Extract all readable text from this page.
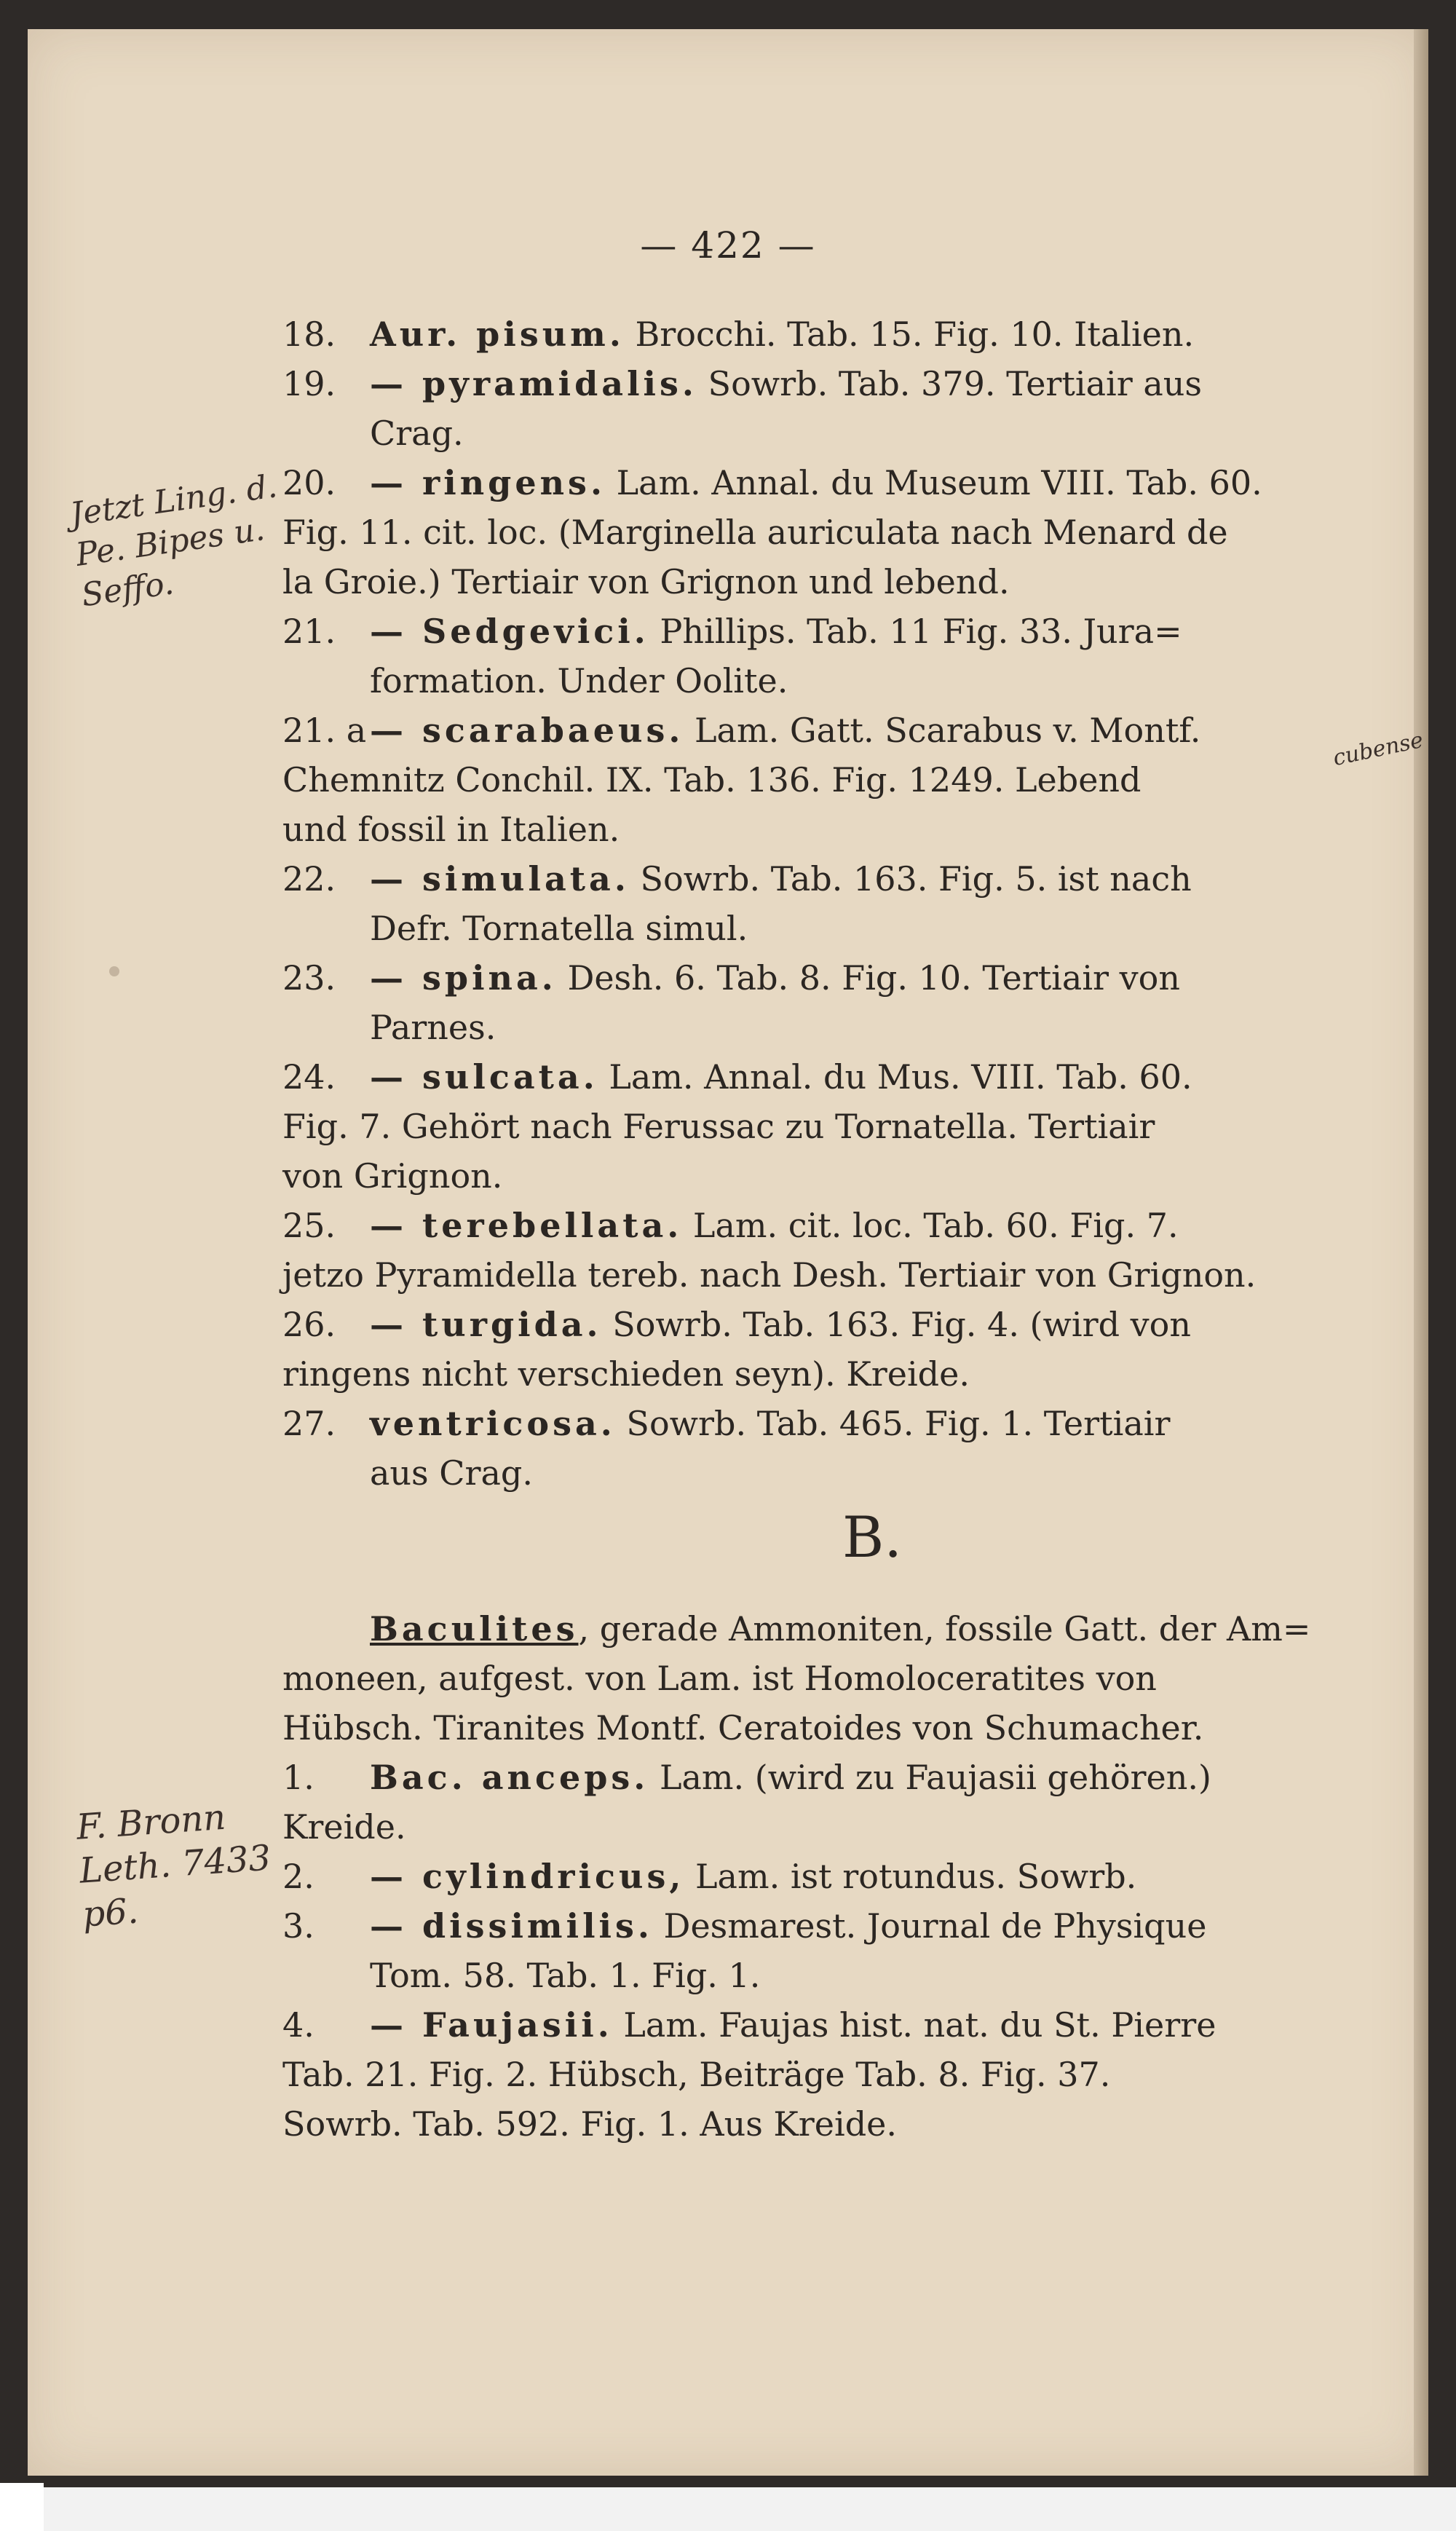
— 422 —

18. Aur. pisum. Brocchi. Tab. 15. Fig. 10. Italien.

19. — pyramidalis. Sowrb. Tab. 379. Tertiair aus

Crag.

20. — ringens. Lam. Annal. du Museum VIII. Tab. 60.

Fig. 11. cit. loc. (Marginella auriculata nach Menard de

la Groie.) Tertiair von Grignon und lebend.

21. — Sedgevici. Phillips. Tab. 11 Fig. 33. Jura=

formation. Under Oolite.

21. a — scarabaeus. Lam. Gatt. Scarabus v. Montf.

Chemnitz Conchil. IX. Tab. 136. Fig. 1249. Lebend

und fossil in Italien.

22. — simulata. Sowrb. Tab. 163. Fig. 5. ist nach

Defr. Tornatella simul.

23. — spina. Desh. 6. Tab. 8. Fig. 10. Tertiair von

Parnes.

24. — sulcata. Lam. Annal. du Mus. VIII. Tab. 60.

Fig. 7. Gehört nach Ferussac zu Tornatella. Tertiair

von Grignon.

25. — terebellata. Lam. cit. loc. Tab. 60. Fig. 7.

jetzo Pyramidella tereb. nach Desh. Tertiair von Grignon.

26. — turgida. Sowrb. Tab. 163. Fig. 4. (wird von

ringens nicht verschieden seyn). Kreide.

27. ventricosa. Sowrb. Tab. 465. Fig. 1. Tertiair

aus Crag.

B.

Baculites, gerade Ammoniten, fossile Gatt. der Am=

moneen, aufgest. von Lam. ist Homoloceratites von

Hübsch. Tiranites Montf. Ceratoides von Schumacher.

1. Bac. anceps. Lam. (wird zu Faujasii gehören.) Kreide.

2. — cylindricus, Lam. ist rotundus. Sowrb.

3. — dissimilis. Desmarest. Journal de Physique

Tom. 58. Tab. 1. Fig. 1.

4. — Faujasii. Lam. Faujas hist. nat. du St. Pierre

Tab. 21. Fig. 2. Hübsch, Beiträge Tab. 8. Fig. 37.

Sowrb. Tab. 592. Fig. 1. Aus Kreide.

Jetzt Ling. d. Pe. Bipes u. Seffo.
cubense
F. Bronn Leth. 7433 p6.
